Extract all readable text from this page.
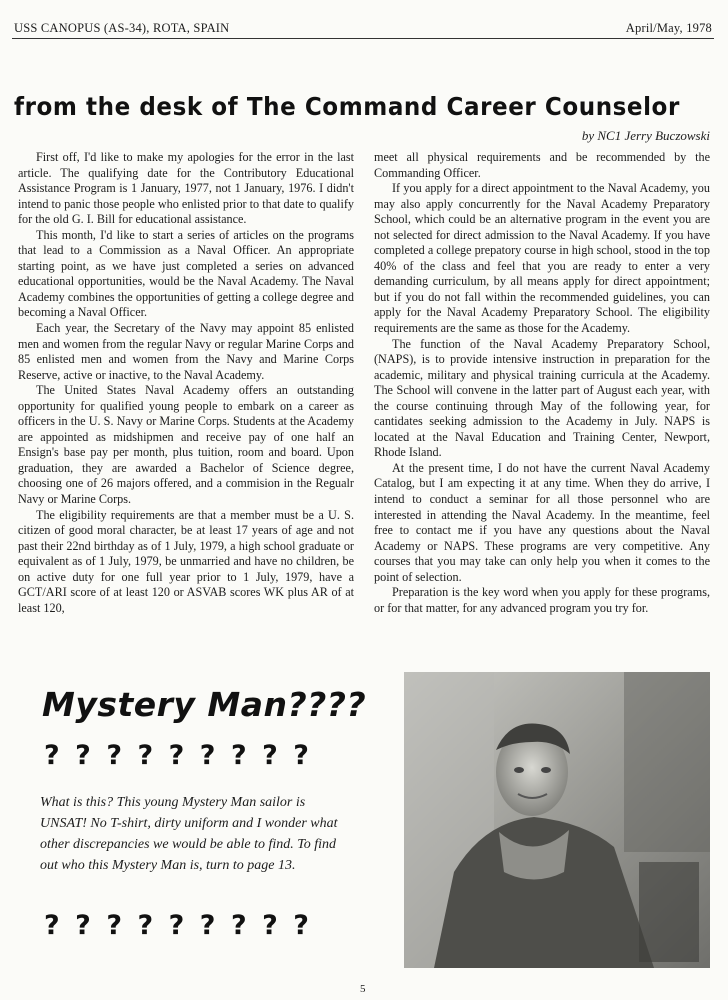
USS CANOPUS (AS-34), ROTA, SPAIN	April/May, 1978
from the desk of The Command Career Counselor
by NC1 Jerry Buczowski

First off, I'd like to make my apologies for the error in the last article. The qualifying date for the Contributory Educational Assistance Program is 1 January, 1977, not 1 January, 1976. I didn't intend to panic those people who enlisted prior to that date to qualify for the old G. I. Bill for educational assistance.

This month, I'd like to start a series of articles on the programs that lead to a Commission as a Naval Officer. An appropriate starting point, as we have just completed a series on advanced educational opportunities, would be the Naval Academy. The Naval Academy combines the opportunities of getting a college degree and becoming a Naval Officer.

Each year, the Secretary of the Navy may appoint 85 enlisted men and women from the regular Navy or regular Marine Corps and 85 enlisted men and women from the Navy and Marine Corps Reserve, active or inactive, to the Naval Academy.

The United States Naval Academy offers an outstanding opportunity for qualified young people to embark on a career as officers in the U. S. Navy or Marine Corps. Students at the Academy are appointed as midshipmen and receive pay of one half an Ensign's base pay per month, plus tuition, room and board. Upon graduation, they are awarded a Bachelor of Science degree, choosing one of 26 majors offered, and a commision in the Regualr Navy or Marine Corps.

The eligibility requirements are that a member must be a U. S. citizen of good moral character, be at least 17 years of age and not past their 22nd birthday as of 1 July, 1979, a high school graduate or equivalent as of 1 July, 1979, be unmarried and have no children, be on active duty for one full year prior to 1 July, 1979, have a GCT/ARI score of at least 120 or ASVAB scores WK plus AR of at least 120,

meet all physical requirements and be recommended by the Commanding Officer.

If you apply for a direct appointment to the Naval Academy, you may also apply concurrently for the Naval Academy Preparatory School, which could be an alternative program in the event you are not selected for direct admission to the Naval Academy. If you have completed a college prepatory course in high school, stood in the top 40% of the class and feel that you are ready to enter a very demanding curriculum, by all means apply for direct appointment; but if you do not fall within the recommended guidelines, you can apply for the Naval Academy Preparatory School. The eligibility requirements are the same as those for the Academy.

The function of the Naval Academy Preparatory School, (NAPS), is to provide intensive instruction in preparation for the academic, military and physical training curricula at the Academy. The School will convene in the latter part of August each year, with the course continuing through May of the following year, for cantidates seeking admission to the Academy in July. NAPS is located at the Naval Education and Training Center, Newport, Rhode Island.

At the present time, I do not have the current Naval Academy Catalog, but I am expecting it at any time. When they do arrive, I intend to conduct a seminar for all those personnel who are interested in attending the Naval Academy. In the meantime, feel free to contact me if you have any questions about the Naval Academy or NAPS. These programs are very competitive. Any courses that you may take can only help you when it comes to the point of selection.

Preparation is the key word when you apply for these programs, or for that matter, for any advanced program you try for.

Mystery Man????
?????????
What is this? This young Mystery Man sailor is UNSAT! No T-shirt, dirty uniform and I wonder what other discrepancies we would be able to find. To find out who this Mystery Man is, turn to page 13.
?????????
5
